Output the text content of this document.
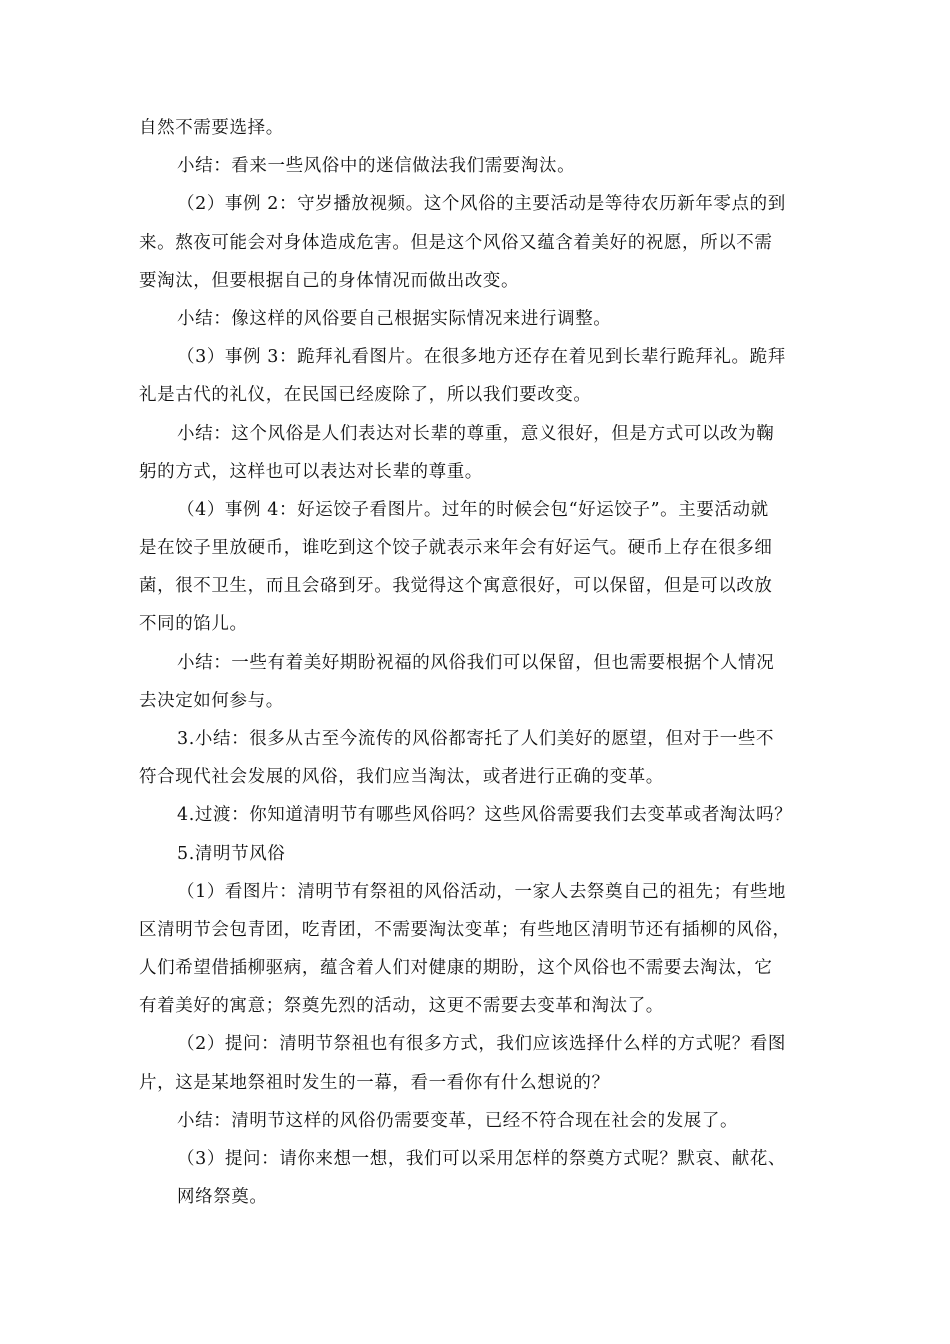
自然不需要选择。
小结：看来一些风俗中的迷信做法我们需要淘汰。
（2）事例 2：守岁播放视频。这个风俗的主要活动是等待农历新年零点的到
来。熬夜可能会对身体造成危害。但是这个风俗又蕴含着美好的祝愿，所以不需
要淘汰，但要根据自己的身体情况而做出改变。
小结：像这样的风俗要自己根据实际情况来进行调整。
（3）事例 3：跪拜礼看图片。在很多地方还存在着见到长辈行跪拜礼。跪拜
礼是古代的礼仪，在民国已经废除了，所以我们要改变。
小结：这个风俗是人们表达对长辈的尊重，意义很好，但是方式可以改为鞠
躬的方式，这样也可以表达对长辈的尊重。
（4）事例 4：好运饺子看图片。过年的时候会包“好运饺子”。主要活动就
是在饺子里放硬币，谁吃到这个饺子就表示来年会有好运气。硬币上存在很多细
菌，很不卫生，而且会硌到牙。我觉得这个寓意很好，可以保留，但是可以改放
不同的馅儿。
小结：一些有着美好期盼祝福的风俗我们可以保留，但也需要根据个人情况
去决定如何参与。
3.小结：很多从古至今流传的风俗都寄托了人们美好的愿望，但对于一些不
符合现代社会发展的风俗，我们应当淘汰，或者进行正确的变革。
4.过渡：你知道清明节有哪些风俗吗？这些风俗需要我们去变革或者淘汰吗？
5.清明节风俗
（1）看图片：清明节有祭祖的风俗活动，一家人去祭奠自己的祖先；有些地
区清明节会包青团，吃青团，不需要淘汰变革；有些地区清明节还有插柳的风俗，
人们希望借插柳驱病，蕴含着人们对健康的期盼，这个风俗也不需要去淘汰，它
有着美好的寓意；祭奠先烈的活动，这更不需要去变革和淘汰了。
（2）提问：清明节祭祖也有很多方式，我们应该选择什么样的方式呢？看图
片，这是某地祭祖时发生的一幕，看一看你有什么想说的？
小结：清明节这样的风俗仍需要变革，已经不符合现在社会的发展了。
（3）提问：请你来想一想，我们可以采用怎样的祭奠方式呢？默哀、献花、
网络祭奠。
